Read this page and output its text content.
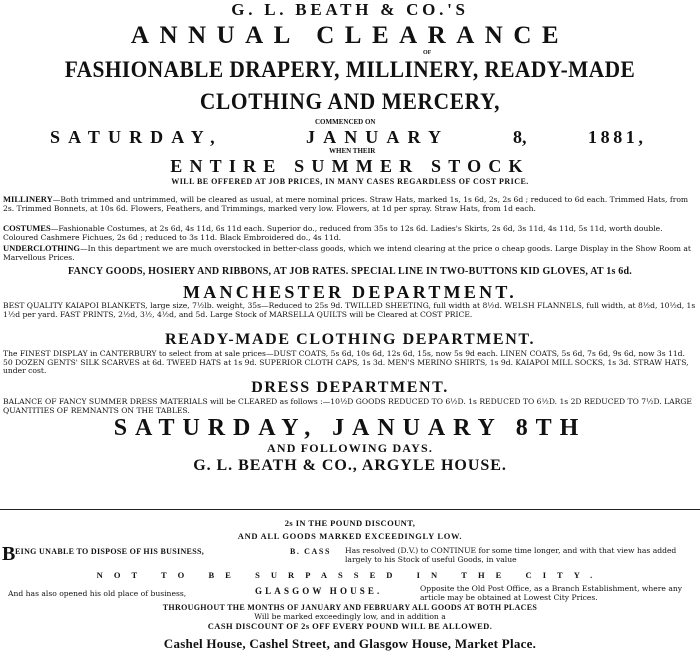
G. L. BEATH & CO.'S
ANNUAL CLEARANCE
OF
FASHIONABLE DRAPERY, MILLINERY, READY-MADE
CLOTHING AND MERCERY,
COMMENCED ON
SATURDAY,	JANUARY	8,	1881,
WHEN THEIR
ENTIRE SUMMER STOCK
WILL BE OFFERED AT JOB PRICES, IN MANY CASES REGARDLESS OF COST PRICE.
MILLINERY—Both trimmed and untrimmed, will be cleared as usual, at mere nominal prices. Straw Hats, marked 1s, 1s 6d, 2s, 2s 6d ; reduced to 6d each. Trimmed Hats, from 2s. Trimmed Bonnets, at 10s 6d. Flowers, Feathers, and Trimmings, marked very low. Flowers, at 1d per spray. Straw Hats, from 1d each.
COSTUMES—Fashionable Costumes, at 2s 6d, 4s 11d, 6s 11d each. Superior do., reduced from 35s to 12s 6d. Ladies's Skirts, 2s 6d, 3s 11d, 4s 11d, 5s 11d, worth double. Coloured Cashmere Fichues, 2s 6d ; reduced to 3s 11d. Black Embroidered do., 4s 11d.
UNDERCLOTHING—In this department we are much overstocked in better-class goods, which we intend clearing at the price o cheap goods. Large Display in the Show Room at Marvellous Prices.
FANCY GOODS, HOSIERY AND RIBBONS, AT JOB RATES. SPECIAL LINE IN TWO-BUTTONS KID GLOVES, AT 1s 6d.
MANCHESTER DEPARTMENT.
BEST QUALITY KAIAPOI BLANKETS, large size, 7½lb. weight, 35s—Reduced to 25s 9d. TWILLED SHEETING, full width at 8½d. WELSH FLANNELS, full width, at 8½d, 10½d, 1s 1½d per yard. FAST PRINTS, 2½d, 3½, 4½d, and 5d. Large Stock of MARSELLA QUILTS will be Cleared at COST PRICE.
READY-MADE CLOTHING DEPARTMENT.
The FINEST DISPLAY in CANTERBURY to select from at sale prices—DUST COATS, 5s 6d, 10s 6d, 12s 6d, 15s, now 5s 9d each. LINEN COATS, 5s 6d, 7s 6d, 9s 6d, now 3s 11d. 50 DOZEN GENTS' SILK SCARVES at 6d. TWEED HATS at 1s 9d. SUPERIOR CLOTH CAPS, 1s 3d. MEN'S MERINO SHIRTS, 1s 9d. KAIAPOI MILL SOCKS, 1s 3d. STRAW HATS, under cost.
DRESS DEPARTMENT.
BALANCE OF FANCY SUMMER DRESS MATERIALS will be CLEARED as follows :—10½D GOODS REDUCED TO 6½D. 1s REDUCED TO 6½D. 1s 2D REDUCED TO 7½D. LARGE QUANTITIES OF REMNANTS ON THE TABLES.
SATURDAY, JANUARY 8TH
AND FOLLOWING DAYS.
G. L. BEATH & CO., ARGYLE HOUSE.
2s IN THE POUND DISCOUNT,
AND ALL GOODS MARKED EXCEEDINGLY LOW.
B EING UNABLE TO DISPOSE OF HIS BUSINESS,	B. CASS Has resolved (D.V.) to CONTINUE for some time longer, and with that view has added largely to his Stock of useful Goods, in value
NOT TO BE SURPASSED IN THE CITY.
And has also opened his old place of business,	GLASGOW HOUSE.	Opposite the Old Post Office, as a Branch Establishment, where any article may be obtained at Lowest City Prices.
THROUGHOUT THE MONTHS OF JANUARY AND FEBRUARY ALL GOODS AT BOTH PLACES
Will be marked exceedingly low, and in addition a
CASH DISCOUNT OF 2s OFF EVERY POUND WILL BE ALLOWED.
Cashel House, Cashel Street, and Glasgow House, Market Place.
